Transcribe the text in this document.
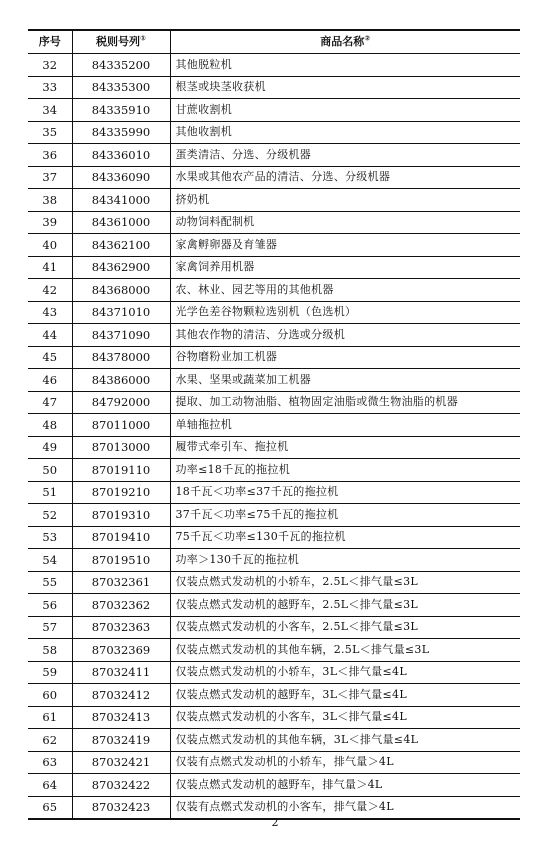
序号	税则号列①	商品名称②
32	84335200	其他脱粒机
33	84335300	根茎或块茎收获机
34	84335910	甘蔗收割机
35	84335990	其他收割机
36	84336010	蛋类清洁、分选、分级机器
37	84336090	水果或其他农产品的清洁、分选、分级机器
38	84341000	挤奶机
39	84361000	动物饲料配制机
40	84362100	家禽孵卵器及育雏器
41	84362900	家禽饲养用机器
42	84368000	农、林业、园艺等用的其他机器
43	84371010	光学色差谷物颗粒选别机（色选机）
44	84371090	其他农作物的清洁、分选或分级机
45	84378000	谷物磨粉业加工机器
46	84386000	水果、坚果或蔬菜加工机器
47	84792000	提取、加工动物油脂、植物固定油脂或微生物油脂的机器
48	87011000	单轴拖拉机
49	87013000	履带式牵引车、拖拉机
50	87019110	功率≤18千瓦的拖拉机
51	87019210	18千瓦＜功率≤37千瓦的拖拉机
52	87019310	37千瓦＜功率≤75千瓦的拖拉机
53	87019410	75千瓦＜功率≤130千瓦的拖拉机
54	87019510	功率＞130千瓦的拖拉机
55	87032361	仅装点燃式发动机的小轿车，2.5L＜排气量≤3L
56	87032362	仅装点燃式发动机的越野车，2.5L＜排气量≤3L
57	87032363	仅装点燃式发动机的小客车，2.5L＜排气量≤3L
58	87032369	仅装点燃式发动机的其他车辆，2.5L＜排气量≤3L
59	87032411	仅装点燃式发动机的小轿车，3L＜排气量≤4L
60	87032412	仅装点燃式发动机的越野车，3L＜排气量≤4L
61	87032413	仅装点燃式发动机的小客车，3L＜排气量≤4L
62	87032419	仅装点燃式发动机的其他车辆，3L＜排气量≤4L
63	87032421	仅装有点燃式发动机的小轿车，排气量＞4L
64	87032422	仅装点燃式发动机的越野车，排气量＞4L
65	87032423	仅装有点燃式发动机的小客车，排气量＞4L
2
